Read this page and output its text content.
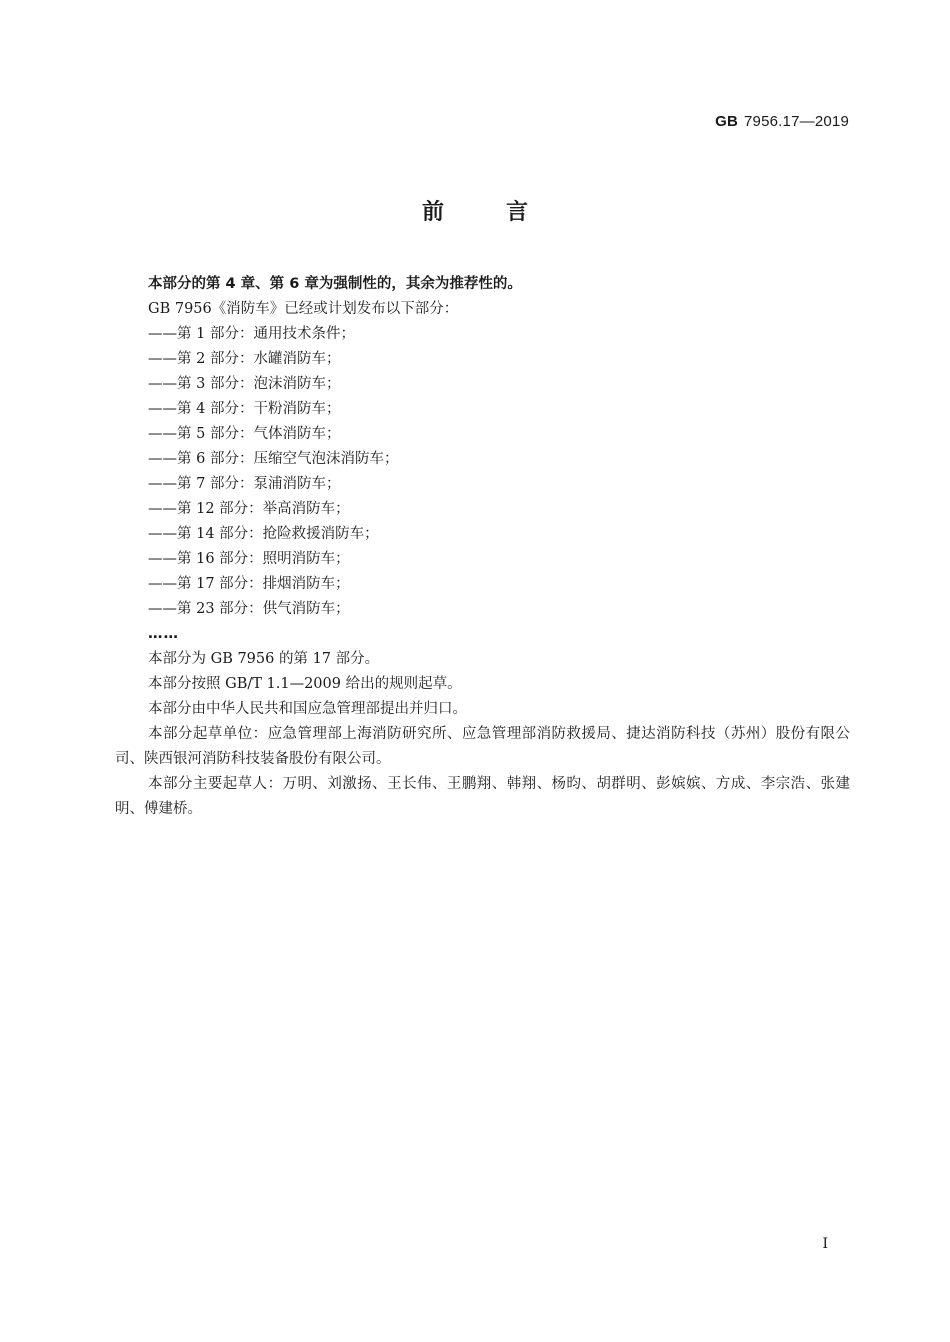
GB 7956.17—2019
前言

本部分的第 4 章、第 6 章为强制性的，其余为推荐性的。

GB 7956《消防车》已经或计划发布以下部分：

——第 1 部分：通用技术条件；
——第 2 部分：水罐消防车；
——第 3 部分：泡沫消防车；
——第 4 部分：干粉消防车；
——第 5 部分：气体消防车；
——第 6 部分：压缩空气泡沫消防车；
——第 7 部分：泵浦消防车；
——第 12 部分：举高消防车；
——第 14 部分：抢险救援消防车；
——第 16 部分：照明消防车；
——第 17 部分：排烟消防车；
——第 23 部分：供气消防车；
……

本部分为 GB 7956 的第 17 部分。

本部分按照 GB/T 1.1—2009 给出的规则起草。

本部分由中华人民共和国应急管理部提出并归口。

本部分起草单位：应急管理部上海消防研究所、应急管理部消防救援局、捷达消防科技（苏州）股份有限公司、陕西银河消防科技装备股份有限公司。

本部分主要起草人：万明、刘激扬、王长伟、王鹏翔、韩翔、杨昀、胡群明、彭嫔嫔、方成、李宗浩、张建明、傅建桥。

I
